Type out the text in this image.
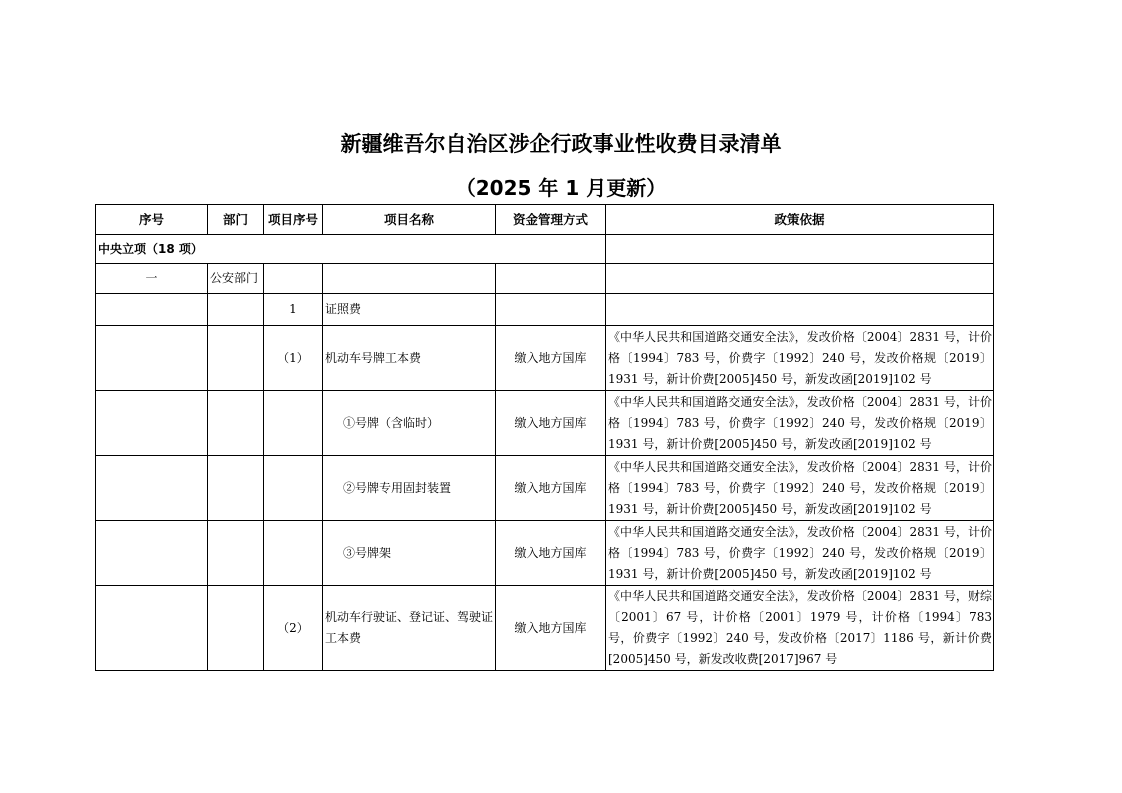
新疆维吾尔自治区涉企行政事业性收费目录清单
（2025 年 1 月更新）
序号	部门	项目序号	项目名称	资金管理方式	政策依据
中央立项（18 项）					
一	公安部门				
		1	证照费		
		（1）	机动车号牌工本费	缴入地方国库	《中华人民共和国道路交通安全法》，发改价格〔2004〕2831 号，计价格〔1994〕783 号，价费字〔1992〕240 号，发改价格规〔2019〕1931 号，新计价费[2005]450 号，新发改函[2019]102 号
			①号牌（含临时）	缴入地方国库	《中华人民共和国道路交通安全法》，发改价格〔2004〕2831 号，计价格〔1994〕783 号，价费字〔1992〕240 号，发改价格规〔2019〕1931 号，新计价费[2005]450 号，新发改函[2019]102 号
			②号牌专用固封装置	缴入地方国库	《中华人民共和国道路交通安全法》，发改价格〔2004〕2831 号，计价格〔1994〕783 号，价费字〔1992〕240 号，发改价格规〔2019〕1931 号，新计价费[2005]450 号，新发改函[2019]102 号
			③号牌架	缴入地方国库	《中华人民共和国道路交通安全法》，发改价格〔2004〕2831 号，计价格〔1994〕783 号，价费字〔1992〕240 号，发改价格规〔2019〕1931 号，新计价费[2005]450 号，新发改函[2019]102 号
		（2）	机动车行驶证、登记证、驾驶证工本费	缴入地方国库	《中华人民共和国道路交通安全法》，发改价格〔2004〕2831 号，财综〔2001〕67 号，计价格〔2001〕1979 号，计价格〔1994〕783 号，价费字〔1992〕240 号，发改价格〔2017〕1186 号，新计价费[2005]450 号，新发改收费[2017]967 号
